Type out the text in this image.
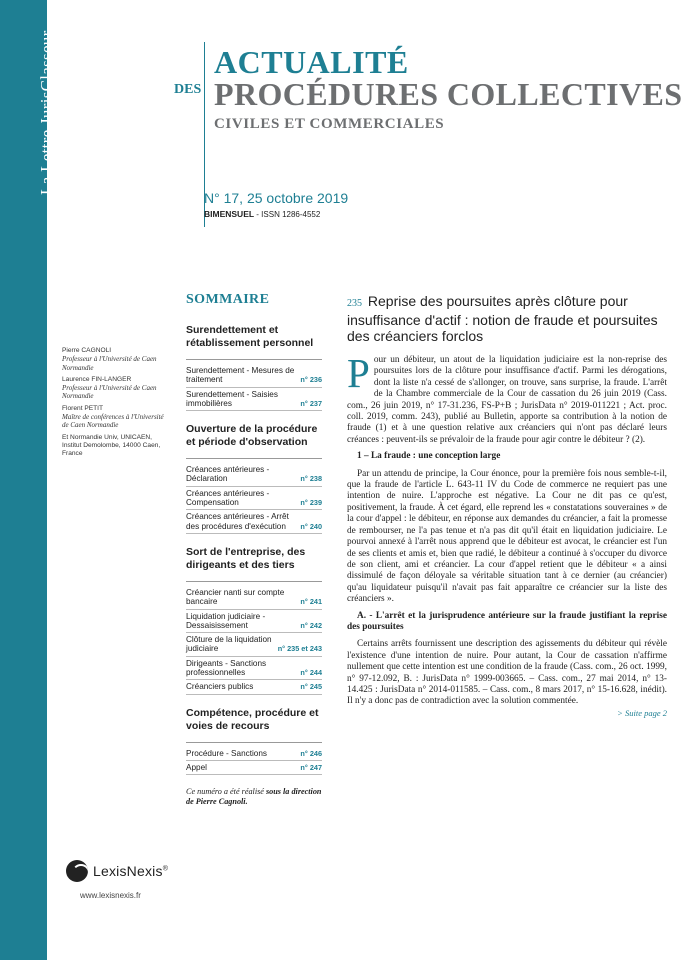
La Lettre JurisClasseur	ACTUALITÉ
DES PROCÉDURES COLLECTIVES
CIVILES ET COMMERCIALES
N° 17, 25 octobre 2019
BIMENSUEL - ISSN 1286-4552
Pierre CAGNOLI
Professeur à l'Université de Caen Normandie
Laurence FIN-LANGER
Professeur à l'Université de Caen Normandie
Florent PETIT
Maître de conférences à l'Université de Caen Normandie
Et Normandie Univ, UNICAEN, Institut Demolombe, 14000 Caen, France
SOMMAIRE
Surendettement et rétablissement personnel
Surendettement - Mesures de traitement	n° 236
Surendettement - Saisies immobilières	n° 237
Ouverture de la procédure et période d'observation
Créances antérieures - Déclaration	n° 238
Créances antérieures - Compensation	n° 239
Créances antérieures - Arrêt des procédures d'exécution	n° 240
Sort de l'entreprise, des dirigeants et des tiers
Créancier nanti sur compte bancaire	n° 241
Liquidation judiciaire - Dessaisissement	n° 242
Clôture de la liquidation judiciaire	n° 235 et 243
Dirigeants - Sanctions professionnelles	n° 244
Créanciers publics	n° 245
Compétence, procédure et voies de recours
Procédure - Sanctions	n° 246
Appel	n° 247
Ce numéro a été réalisé sous la direction de Pierre Cagnoli.
235 Reprise des poursuites après clôture pour insuffisance d'actif : notion de fraude et poursuites des créanciers forclos
P our un débiteur, un atout de la liquidation judiciaire est la non-reprise des poursuites lors de la clôture pour insuffisance d'actif. Parmi les dérogations, dont la liste n'a cessé de s'allonger, on trouve, sans surprise, la fraude. L'arrêt de la Chambre commerciale de la Cour de cassation du 26 juin 2019 (Cass. com., 26 juin 2019, n° 17-31.236, FS-P+B ; JurisData n° 2019-011221 ; Act. proc. coll. 2019, comm. 243), publié au Bulletin, apporte sa contribution à la notion de fraude (1) et à une question relative aux créanciers qui n'ont pas déclaré leurs créances : peuvent-ils se prévaloir de la fraude pour agir contre le débiteur ? (2).

1 – La fraude : une conception large

Par un attendu de principe, la Cour énonce, pour la première fois nous semble-t-il, que la fraude de l'article L. 643-11 IV du Code de commerce ne requiert pas une intention de nuire. L'approche est négative. La Cour ne dit pas ce qu'est, positivement, la fraude. À cet égard, elle reprend les « constatations souveraines » de la cour d'appel : le débiteur, en réponse aux demandes du créancier, a fait la promesse de rembourser, ne l'a pas tenue et n'a pas dit qu'il était en liquidation judiciaire. Le pourvoi annexé à l'arrêt nous apprend que le débiteur est avocat, le créancier est l'un de ses clients et amis et, bien que radié, le débiteur a continué à s'occuper du divorce de son client, ami et créancier. La cour d'appel retient que le débiteur « a ainsi dissimulé de façon déloyale sa véritable situation tant à ce dernier (au créancier) qu'au liquidateur puisqu'il n'avait pas fait apparaître ce créancier sur la liste des créanciers ».

A. - L'arrêt et la jurisprudence antérieure sur la fraude justifiant la reprise des poursuites

Certains arrêts fournissent une description des agissements du débiteur qui révèle l'existence d'une intention de nuire. Pour autant, la Cour de cassation n'affirme nullement que cette intention est une condition de la fraude (Cass. com., 26 oct. 1999, n° 97-12.092, B. : JurisData n° 1999-003665. – Cass. com., 27 mai 2014, n° 13-14.425 : JurisData n° 2014-011585. – Cass. com., 8 mars 2017, n° 15-16.628, inédit). Il n'y a donc pas de contradiction avec la solution commentée.

> Suite page 2
LexisNexis®
www.lexisnexis.fr
